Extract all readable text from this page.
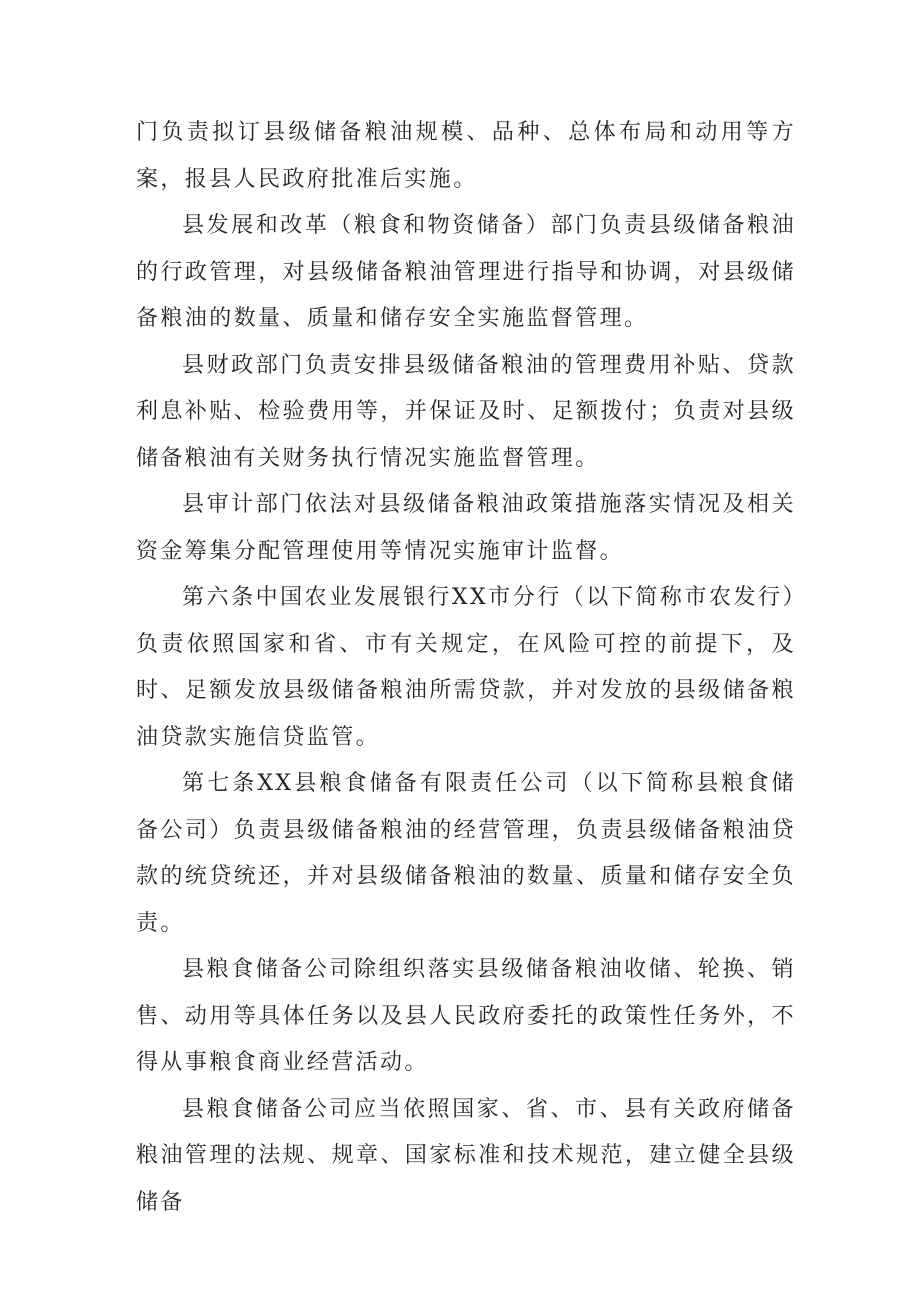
门负责拟订县级储备粮油规模、品种、总体布局和动用等方案，报县人民政府批准后实施。

县发展和改革（粮食和物资储备）部门负责县级储备粮油的行政管理，对县级储备粮油管理进行指导和协调，对县级储备粮油的数量、质量和储存安全实施监督管理。

县财政部门负责安排县级储备粮油的管理费用补贴、贷款利息补贴、检验费用等，并保证及时、足额拨付；负责对县级储备粮油有关财务执行情况实施监督管理。

县审计部门依法对县级储备粮油政策措施落实情况及相关资金筹集分配管理使用等情况实施审计监督。

第六条中国农业发展银行XX市分行（以下简称市农发行）负责依照国家和省、市有关规定，在风险可控的前提下，及时、足额发放县级储备粮油所需贷款，并对发放的县级储备粮油贷款实施信贷监管。

第七条XX县粮食储备有限责任公司（以下简称县粮食储备公司）负责县级储备粮油的经营管理，负责县级储备粮油贷款的统贷统还，并对县级储备粮油的数量、质量和储存安全负责。

县粮食储备公司除组织落实县级储备粮油收储、轮换、销售、动用等具体任务以及县人民政府委托的政策性任务外，不得从事粮食商业经营活动。

县粮食储备公司应当依照国家、省、市、县有关政府储备粮油管理的法规、规章、国家标准和技术规范，建立健全县级储备
